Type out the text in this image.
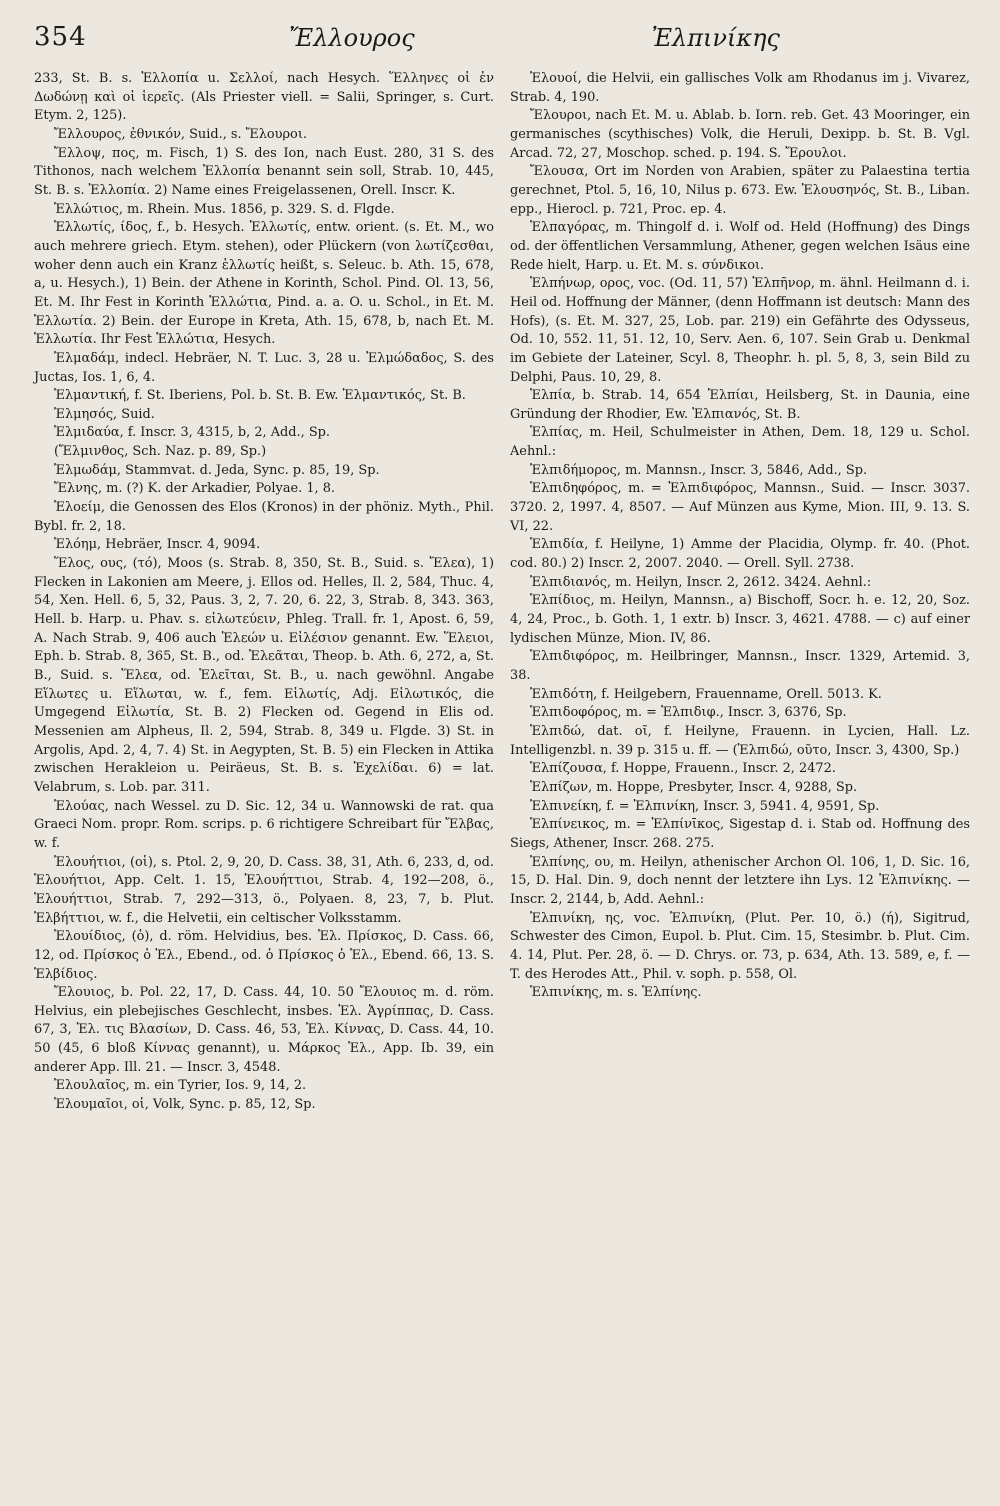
354	Ἔλλουρος	Ἐλπινίκης

233, St. B. s. Ἑλλοπία u. Σελλοί, nach Hesych. Ἕλληνες οἱ ἐν Δωδώνῃ καὶ οἱ ἱερεῖς. (Als Priester viell. = Salii, Springer, s. Curt. Etym. 2, 125).

Ἔλλουρος, ἐθνικόν, Suid., s. Ἔλουροι.

Ἔλλοψ, πος, m. Fisch, 1) S. des Ion, nach Eust. 280, 31 S. des Tithonos, nach welchem Ἐλλοπία benannt sein soll, Strab. 10, 445, St. B. s. Ἐλλοπία. 2) Name eines Freigelassenen, Orell. Inscr. K.

Ἑλλώτιος, m. Rhein. Mus. 1856, p. 329. S. d. Flgde.

Ἑλλωτίς, ίδος, f., b. Hesych. Ἑλλωτίς, entw. orient. (s. Et. M., wo auch mehrere griech. Etym. stehen), oder Plückern (von λωτίζεσθαι, woher denn auch ein Kranz ἑλλωτίς heißt, s. Seleuc. b. Ath. 15, 678, a, u. Hesych.), 1) Bein. der Athene in Korinth, Schol. Pind. Ol. 13, 56, Et. M. Ihr Fest in Korinth Ἑλλώτια, Pind. a. a. O. u. Schol., in Et. M. Ἑλλωτία. 2) Bein. der Europe in Kreta, Ath. 15, 678, b, nach Et. M. Ἑλλωτία. Ihr Fest Ἑλλώτια, Hesych.

Ἐλμαδάμ, indecl. Hebräer, N. T. Luc. 3, 28 u. Ἐλμώδαδος, S. des Juctas, Ios. 1, 6, 4.

Ἐλμαντική, f. St. Iberiens, Pol. b. St. B. Ew. Ἐλμαντικός, St. B.

Ἐλμησός, Suid.

Ἐλμιδαύα, f. Inscr. 3, 4315, b, 2, Add., Sp.

(Ἔλμινθος, Sch. Naz. p. 89, Sp.)

Ἐλμωδάμ, Stammvat. d. Jeda, Sync. p. 85, 19, Sp.

Ἔλνης, m. (?) K. der Arkadier, Polyae. 1, 8.

Ἐλοείμ, die Genossen des Elos (Kronos) in der phöniz. Myth., Phil. Bybl. fr. 2, 18.

Ἐλόημ, Hebräer, Inscr. 4, 9094.

Ἕλος, ους, (τό), Moos (s. Strab. 8, 350, St. B., Suid. s. Ἔλεα), 1) Flecken in Lakonien am Meere, j. Ellos od. Helles, Il. 2, 584, Thuc. 4, 54, Xen. Hell. 6, 5, 32, Paus. 3, 2, 7. 20, 6. 22, 3, Strab. 8, 343. 363, Hell. b. Harp. u. Phav. s. εἱλωτεύειν, Phleg. Trall. fr. 1, Apost. 6, 59, A. Nach Strab. 9, 406 auch Ἑλεών u. Εἰλέσιον genannt. Ew. Ἕλειοι, Eph. b. Strab. 8, 365, St. B., od. Ἑλεᾶται, Theop. b. Ath. 6, 272, a, St. B., Suid. s. Ἕλεα, od. Ἑλεῖται, St. B., u. nach gewöhnl. Angabe Εἵλωτες u. Εἵλωται, w. f., fem. Εἱλωτίς, Adj. Εἱλωτικός, die Umgegend Εἱλωτία, St. B. 2) Flecken od. Gegend in Elis od. Messenien am Alpheus, Il. 2, 594, Strab. 8, 349 u. Flgde. 3) St. in Argolis, Apd. 2, 4, 7. 4) St. in Aegypten, St. B. 5) ein Flecken in Attika zwischen Herakleion u. Peiräeus, St. B. s. Ἐχελίδαι. 6) = lat. Velabrum, s. Lob. par. 311.

Ἐλούας, nach Wessel. zu D. Sic. 12, 34 u. Wannowski de rat. qua Graeci Nom. propr. Rom. scrips. p. 6 richtigere Schreibart für Ἔλβας, w. f.

Ἐλουήτιοι, (οἱ), s. Ptol. 2, 9, 20, D. Cass. 38, 31, Ath. 6, 233, d, od. Ἐλουήτιοι, App. Celt. 1. 15, Ἐλουήττιοι, Strab. 4, 192—208, ö., Ἐλουήττιοι, Strab. 7, 292—313, ö., Polyaen. 8, 23, 7, b. Plut. Ἐλβήττιοι, w. f., die Helvetii, ein celtischer Volksstamm.

Ἐλουίδιος, (ὁ), d. röm. Helvidius, bes. Ἐλ. Πρίσκος, D. Cass. 66, 12, od. Πρίσκος ὁ Ἐλ., Ebend., od. ὁ Πρίσκος ὁ Ἐλ., Ebend. 66, 13. S. Ἑλβίδιος.

Ἔλουιος, b. Pol. 22, 17, D. Cass. 44, 10. 50 Ἔλουιος m. d. röm. Helvius, ein plebejisches Geschlecht, insbes. Ἐλ. Ἀγρίππας, D. Cass. 67, 3, Ἐλ. τις Βλασίων, D. Cass. 46, 53, Ἐλ. Κίννας, D. Cass. 44, 10. 50 (45, 6 bloß Κίννας genannt), u. Μάρκος Ἐλ., App. Ib. 39, ein anderer App. Ill. 21. — Inscr. 3, 4548.

Ἐλουλαῖος, m. ein Tyrier, Ios. 9, 14, 2.

Ἐλουμαῖοι, οἱ, Volk, Sync. p. 85, 12, Sp.

Ἐλουοί, die Helvii, ein gallisches Volk am Rhodanus im j. Vivarez, Strab. 4, 190.

Ἔλουροι, nach Et. M. u. Ablab. b. Iorn. reb. Get. 43 Mooringer, ein germanisches (scythisches) Volk, die Heruli, Dexipp. b. St. B. Vgl. Arcad. 72, 27, Moschop. sched. p. 194. S. Ἔρουλοι.

Ἔλουσα, Ort im Norden von Arabien, später zu Palaestina tertia gerechnet, Ptol. 5, 16, 10, Nilus p. 673. Ew. Ἐλουσηνός, St. B., Liban. epp., Hierocl. p. 721, Proc. ep. 4.

Ἐλπαγόρας, m. Thingolf d. i. Wolf od. Held (Hoffnung) des Dings od. der öffentlichen Versammlung, Athener, gegen welchen Isäus eine Rede hielt, Harp. u. Et. M. s. σύνδικοι.

Ἐλπήνωρ, ορος, voc. (Od. 11, 57) Ἐλπῆνορ, m. ähnl. Heilmann d. i. Heil od. Hoffnung der Männer, (denn Hoffmann ist deutsch: Mann des Hofs), (s. Et. M. 327, 25, Lob. par. 219) ein Gefährte des Odysseus, Od. 10, 552. 11, 51. 12, 10, Serv. Aen. 6, 107. Sein Grab u. Denkmal im Gebiete der Lateiner, Scyl. 8, Theophr. h. pl. 5, 8, 3, sein Bild zu Delphi, Paus. 10, 29, 8.

Ἐλπία, b. Strab. 14, 654 Ἐλπίαι, Heilsberg, St. in Daunia, eine Gründung der Rhodier, Ew. Ἐλπιανός, St. B.

Ἐλπίας, m. Heil, Schulmeister in Athen, Dem. 18, 129 u. Schol. Aehnl.:

Ἐλπιδήμορος, m. Mannsn., Inscr. 3, 5846, Add., Sp.

Ἐλπιδηφόρος, m. = Ἐλπιδιφόρος, Mannsn., Suid. — Inscr. 3037. 3720. 2, 1997. 4, 8507. — Auf Münzen aus Kyme, Mion. III, 9. 13. S. VI, 22.

Ἐλπιδία, f. Heilyne, 1) Amme der Placidia, Olymp. fr. 40. (Phot. cod. 80.) 2) Inscr. 2, 2007. 2040. — Orell. Syll. 2738.

Ἐλπιδιανός, m. Heilyn, Inscr. 2, 2612. 3424. Aehnl.:

Ἐλπίδιος, m. Heilyn, Mannsn., a) Bischoff, Socr. h. e. 12, 20, Soz. 4, 24, Proc., b. Goth. 1, 1 extr. b) Inscr. 3, 4621. 4788. — c) auf einer lydischen Münze, Mion. IV, 86.

Ἐλπιδιφόρος, m. Heilbringer, Mannsn., Inscr. 1329, Artemid. 3, 38.

Ἐλπιδότη, f. Heilgebern, Frauenname, Orell. 5013. K.

Ἐλπιδοφόρος, m. = Ἐλπιδιφ., Inscr. 3, 6376, Sp.

Ἐλπιδώ, dat. οῖ, f. Heilyne, Frauenn. in Lycien, Hall. Lz. Intelligenzbl. n. 39 p. 315 u. ff. — (Ἐλπιδώ, οῦτο, Inscr. 3, 4300, Sp.)

Ἐλπίζουσα, f. Hoppe, Frauenn., Inscr. 2, 2472.

Ἐλπίζων, m. Hoppe, Presbyter, Inscr. 4, 9288, Sp.

Ἐλπινείκη, f. = Ἐλπινίκη, Inscr. 3, 5941. 4, 9591, Sp.

Ἐλπίνεικος, m. = Ἐλπίνῑκος, Sigestap d. i. Stab od. Hoffnung des Siegs, Athener, Inscr. 268. 275.

Ἐλπίνης, ου, m. Heilyn, athenischer Archon Ol. 106, 1, D. Sic. 16, 15, D. Hal. Din. 9, doch nennt der letztere ihn Lys. 12 Ἐλπινίκης. — Inscr. 2, 2144, b, Add. Aehnl.:

Ἐλπινίκη, ης, voc. Ἐλπινίκη, (Plut. Per. 10, ö.) (ή), Sigitrud, Schwester des Cimon, Eupol. b. Plut. Cim. 15, Stesimbr. b. Plut. Cim. 4. 14, Plut. Per. 28, ö. — D. Chrys. or. 73, p. 634, Ath. 13. 589, e, f. — T. des Herodes Att., Phil. v. soph. p. 558, Ol.

Ἐλπινίκης, m. s. Ἐλπίνης.
